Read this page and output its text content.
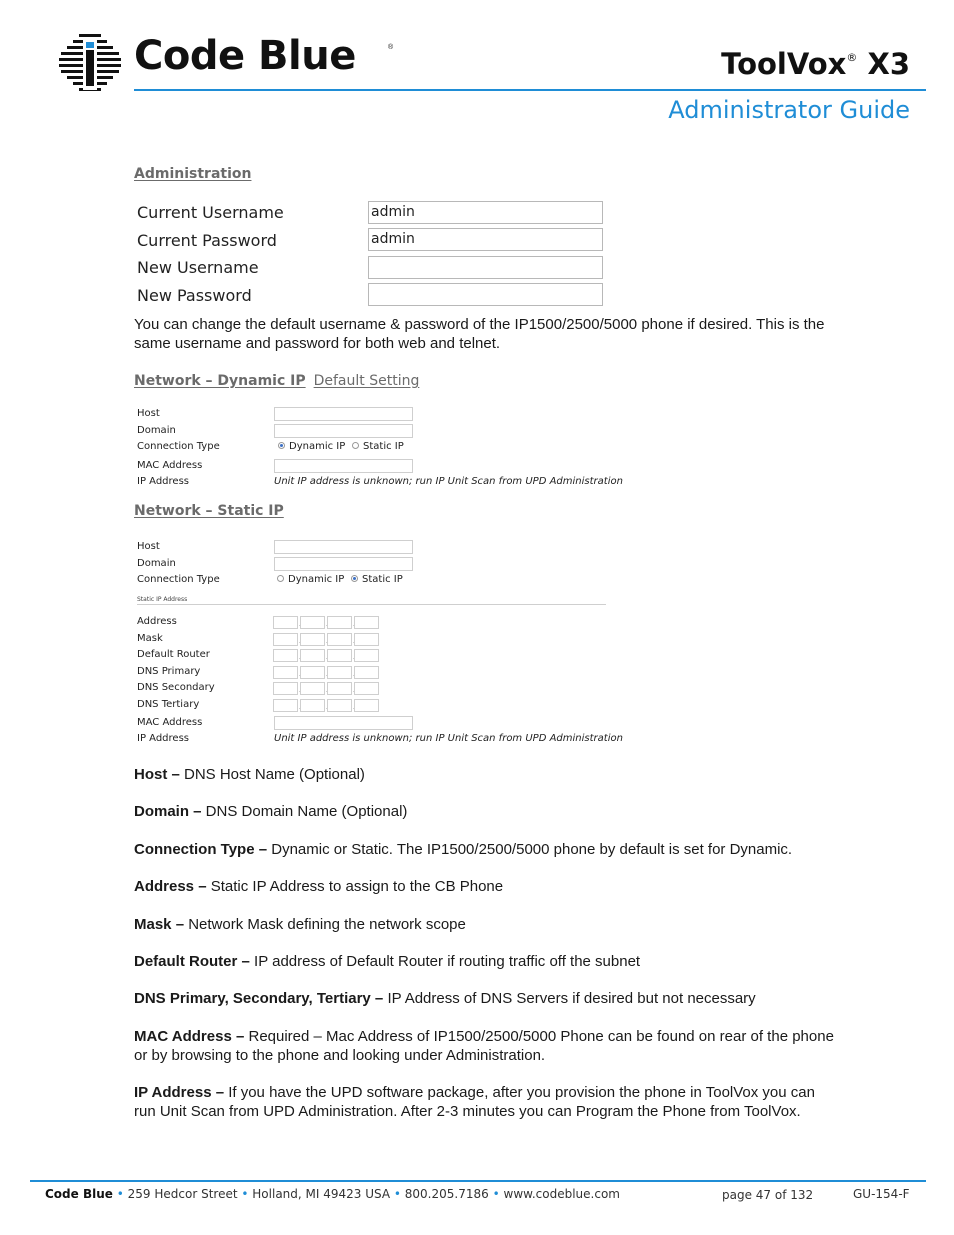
Code Blue	®	ToolVox® X3
Administrator Guide
Administration
Current Username	admin
Current Password	admin
New Username
New Password
You can change the default username & password of the IP1500/2500/5000 phone if desired. This is the same username and password for both web and telnet.
Network – Dynamic IP Default Setting
Host
Domain
Connection Type	Dynamic IP	Static IP
MAC Address
IP Address	Unit IP address is unknown; run IP Unit Scan from UPD Administration
Network – Static IP
Host
Domain
Connection Type	Dynamic IP	Static IP
Static IP Address
Address
Mask
Default Router
DNS Primary
DNS Secondary
DNS Tertiary
MAC Address
IP Address	Unit IP address is unknown; run IP Unit Scan from UPD Administration
Host – DNS Host Name (Optional)
Domain – DNS Domain Name (Optional)
Connection Type – Dynamic or Static. The IP1500/2500/5000 phone by default is set for Dynamic.
Address – Static IP Address to assign to the CB Phone
Mask – Network Mask defining the network scope
Default Router – IP address of Default Router if routing traffic off the subnet
DNS Primary, Secondary, Tertiary – IP Address of DNS Servers if desired but not necessary
MAC Address – Required – Mac Address of IP1500/2500/5000 Phone can be found on rear of the phone or by browsing to the phone and looking under Administration.
IP Address – If you have the UPD software package, after you provision the phone in ToolVox you can run Unit Scan from UPD Administration. After 2-3 minutes you can Program the Phone from ToolVox.
Code Blue • 259 Hedcor Street • Holland, MI 49423 USA • 800.205.7186 • www.codeblue.com	page 47 of 132	GU-154-F
